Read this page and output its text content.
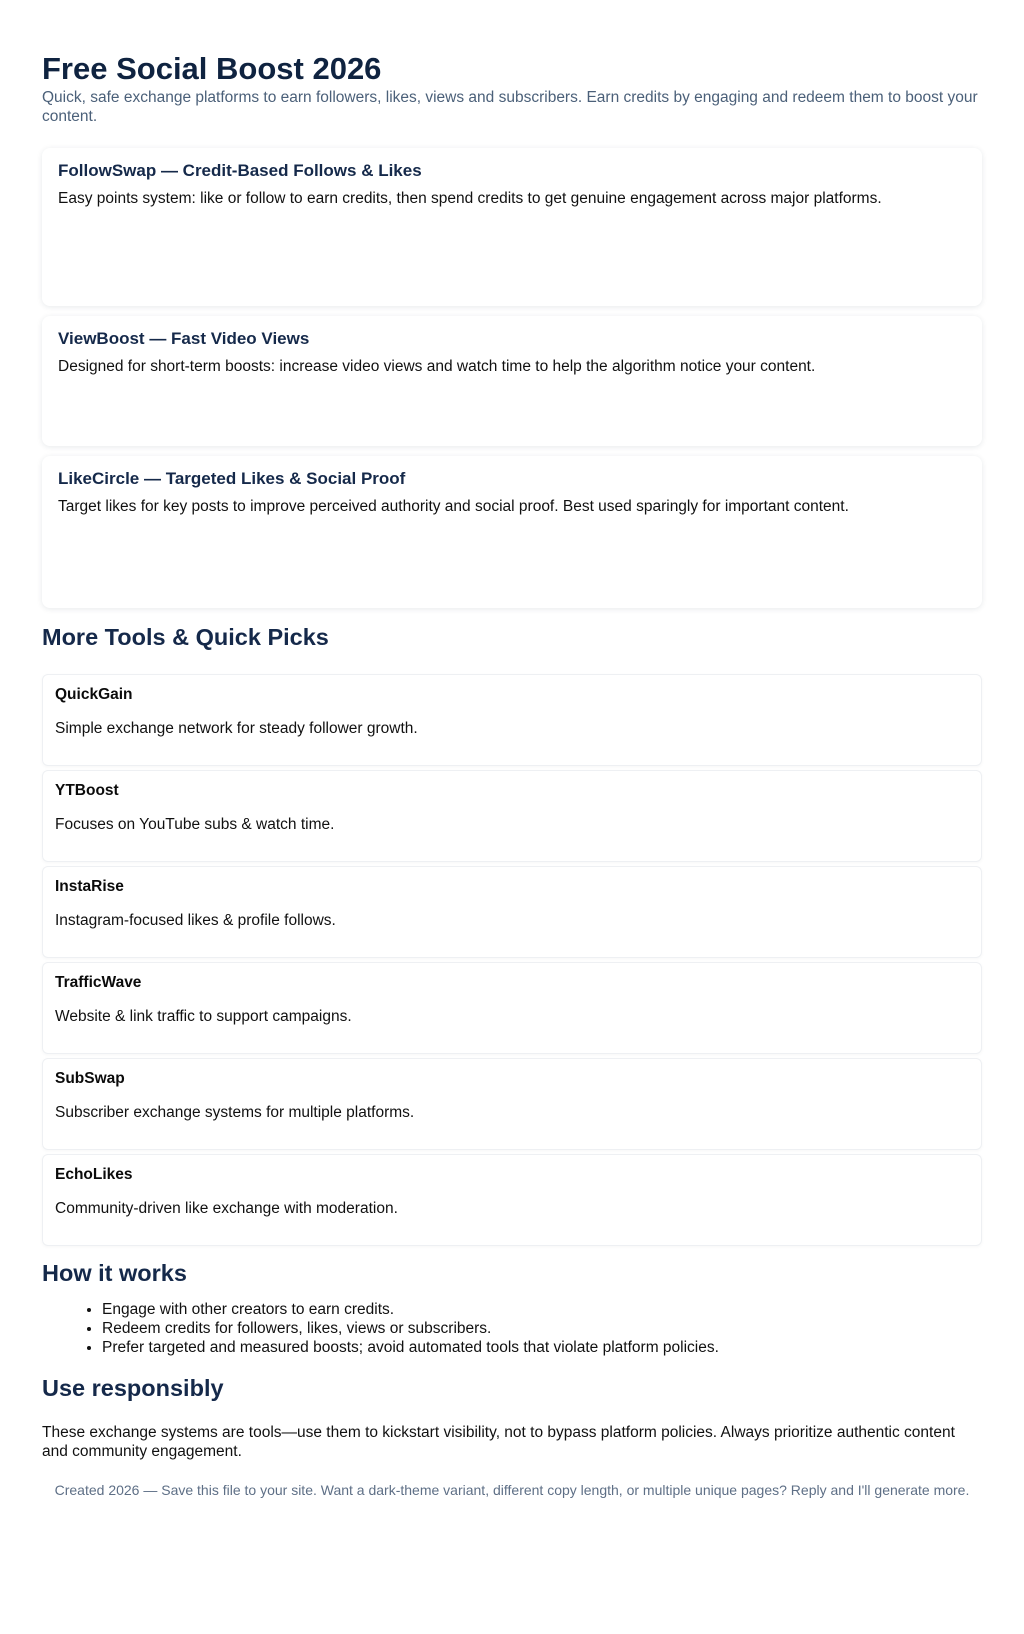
Free Social Boost 2026

Quick, safe exchange platforms to earn followers, likes, views and subscribers. Earn credits by engaging and redeem them to boost your content.

FollowSwap — Credit-Based Follows & Likes

Easy points system: like or follow to earn credits, then spend credits to get genuine engagement across major platforms.

ViewBoost — Fast Video Views

Designed for short-term boosts: increase video views and watch time to help the algorithm notice your content.

LikeCircle — Targeted Likes & Social Proof

Target likes for key posts to improve perceived authority and social proof. Best used sparingly for important content.

More Tools & Quick Picks
QuickGain
Simple exchange network for steady follower growth.
YTBoost
Focuses on YouTube subs & watch time.
InstaRise
Instagram-focused likes & profile follows.
TrafficWave
Website & link traffic to support campaigns.
SubSwap
Subscriber exchange systems for multiple platforms.
EchoLikes
Community-driven like exchange with moderation.
How it works
• Engage with other creators to earn credits.
• Redeem credits for followers, likes, views or subscribers.
• Prefer targeted and measured boosts; avoid automated tools that violate platform policies.
Use responsibly

These exchange systems are tools—use them to kickstart visibility, not to bypass platform policies. Always prioritize authentic content and community engagement.

Created 2026 — Save this file to your site. Want a dark-theme variant, different copy length, or multiple unique pages? Reply and I'll generate more.
